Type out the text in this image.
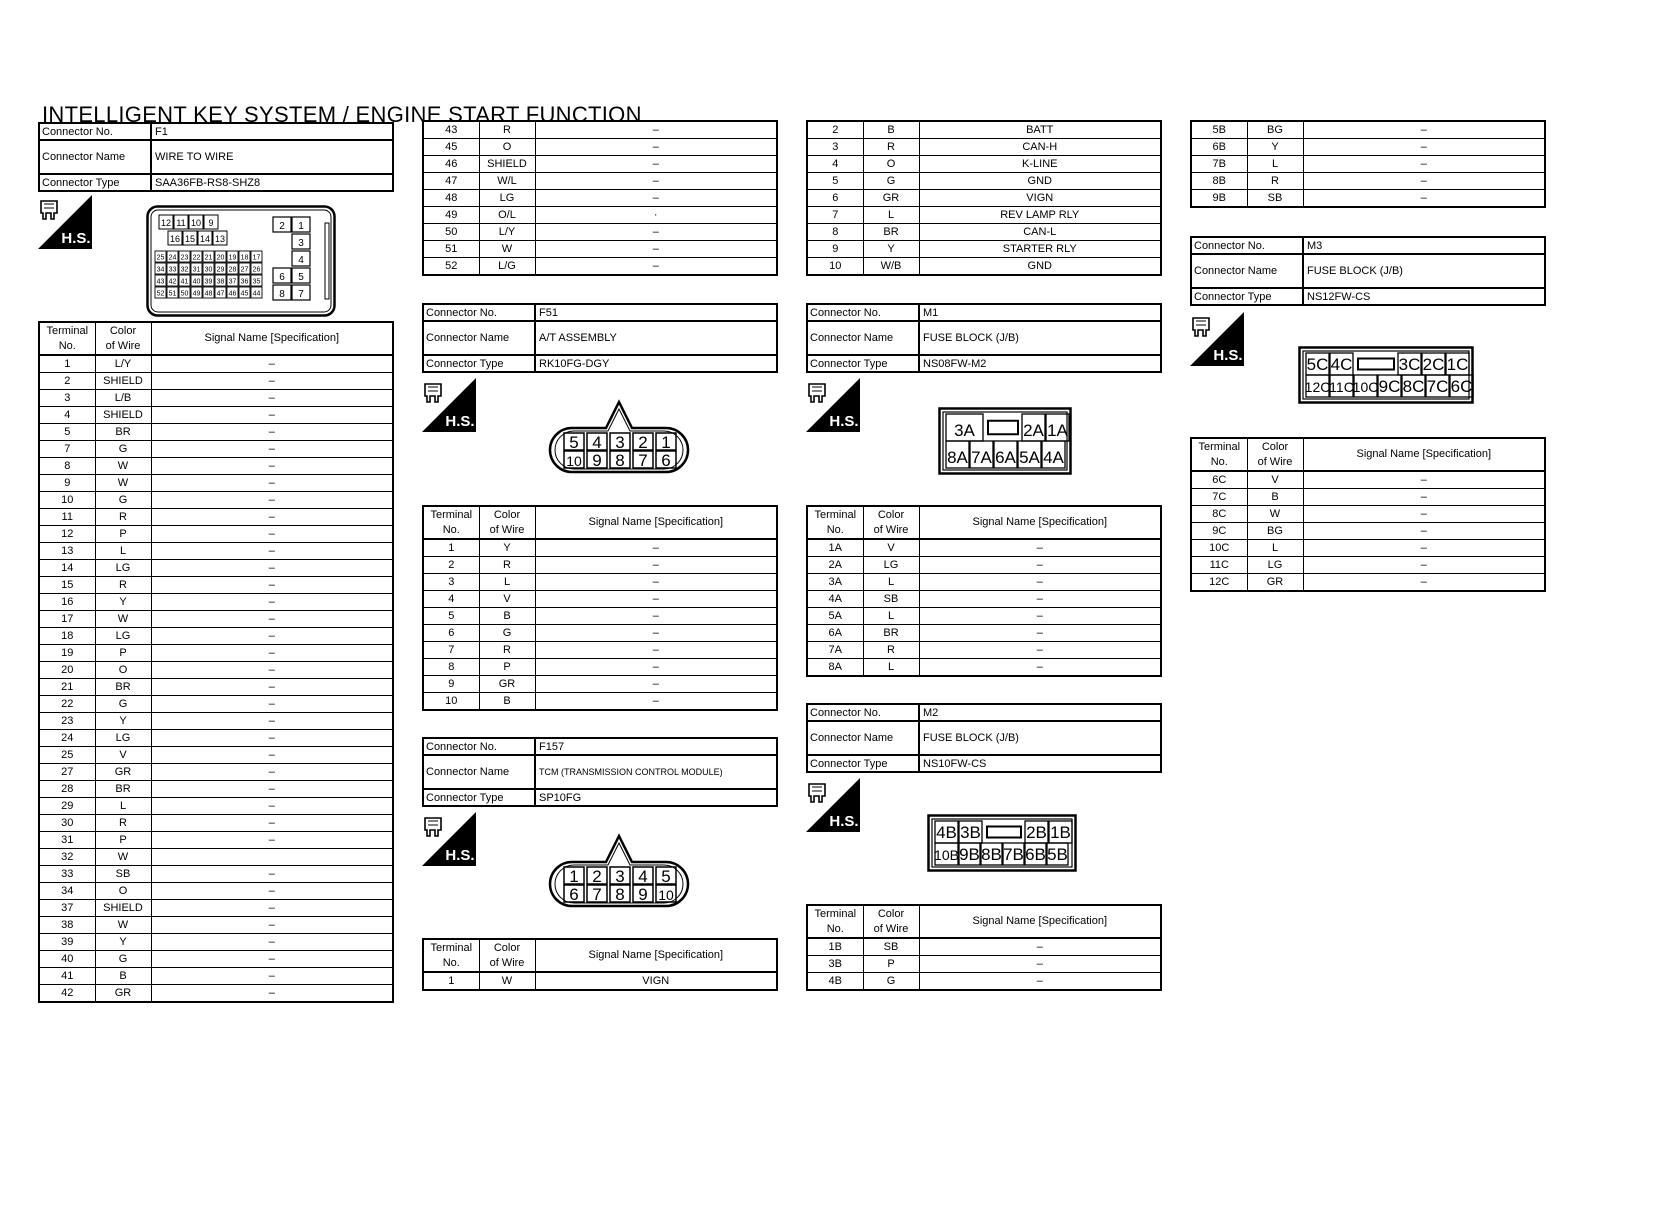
INTELLIGENT KEY SYSTEM / ENGINE START FUNCTION
Connector No.	F1
Connector Name	WIRE TO WIRE
Connector Type	SAA36FB-RS8-SHZ8
H.S.
12 11 10 9
16 15 14 13
25 24 23 22 21 20 19 18 17
34 33 32 31 30 29 28 27 26
43 42 41 40 39 38 37 36 35
52 51 50 49 48 47 46 45 44
2 1
3
4
6 5
8 7
Terminal
No.	Color
of Wire	Signal Name [Specification]

1	L/Y	–
2	SHIELD	–
3	L/B	–
4	SHIELD	–
5	BR	–
7	G	–
8	W	–
9	W	–
10	G	–
11	R	–
12	P	–
13	L	–
14	LG	–
15	R	–
16	Y	–
17	W	–
18	LG	–
19	P	–
20	O	–
21	BR	–
22	G	–
23	Y	–
24	LG	–
25	V	–
27	GR	–
28	BR	–
29	L	–
30	R	–
31	P	–
32	W	
33	SB	–
34	O	–
37	SHIELD	–
38	W	–
39	Y	–
40	G	–
41	B	–
42	GR	–
43	R	–
45	O	–
46	SHIELD	–
47	W/L	–
48	LG	–
49	O/L	·
50	L/Y	–
51	W	–
52	L/G	–
Connector No.	F51
Connector Name	A/T ASSEMBLY
Connector Type	RK10FG-DGY
H.S.
5 4 3 2 1
10 9 8 7 6
Terminal
No.	Color
of Wire	Signal Name [Specification]

1	Y	–
2	R	–
3	L	–
4	V	–
5	B	–
6	G	–
7	R	–
8	P	–
9	GR	–
10	B	–
Connector No.	F157
Connector Name	TCM (TRANSMISSION CONTROL MODULE)
Connector Type	SP10FG
H.S.
1 2 3 4 5
6 7 8 9 10
Terminal
No.	Color
of Wire	Signal Name [Specification]

1	W	VIGN
2	B	BATT
3	R	CAN-H
4	O	K-LINE
5	G	GND
6	GR	VIGN
7	L	REV LAMP RLY
8	BR	CAN-L
9	Y	STARTER RLY
10	W/B	GND
Connector No.	M1
Connector Name	FUSE BLOCK (J/B)
Connector Type	NS08FW-M2
H.S.	3A	2A 1A
8A 7A 6A 5A 4A
Terminal
No.	Color
of Wire	Signal Name [Specification]

1A	V	–
2A	LG	–
3A	L	–
4A	SB	–
5A	L	–
6A	BR	–
7A	R	–
8A	L	–
Connector No.	M2
Connector Name	FUSE BLOCK (J/B)
Connector Type	NS10FW-CS
H.S.
4B 3B	2B 1B
10B 9B 8B 7B 6B 5B
Terminal
No.	Color
of Wire	Signal Name [Specification]

1B	SB	–
3B	P	–
4B	G	–
5B	BG	–
6B	Y	–
7B	L	–
8B	R	–
9B	SB	–
Connector No.	M3
Connector Name	FUSE BLOCK (J/B)
Connector Type	NS12FW-CS
H.S.	5C 4C	3C 2C 1C
12C
11C
10C 9C 8C 7C 6C
Terminal
No.	Color
of Wire	Signal Name [Specification]

6C	V	–
7C	B	–
8C	W	–
9C	BG	–
10C	L	–
11C	LG	–
12C	GR	–
